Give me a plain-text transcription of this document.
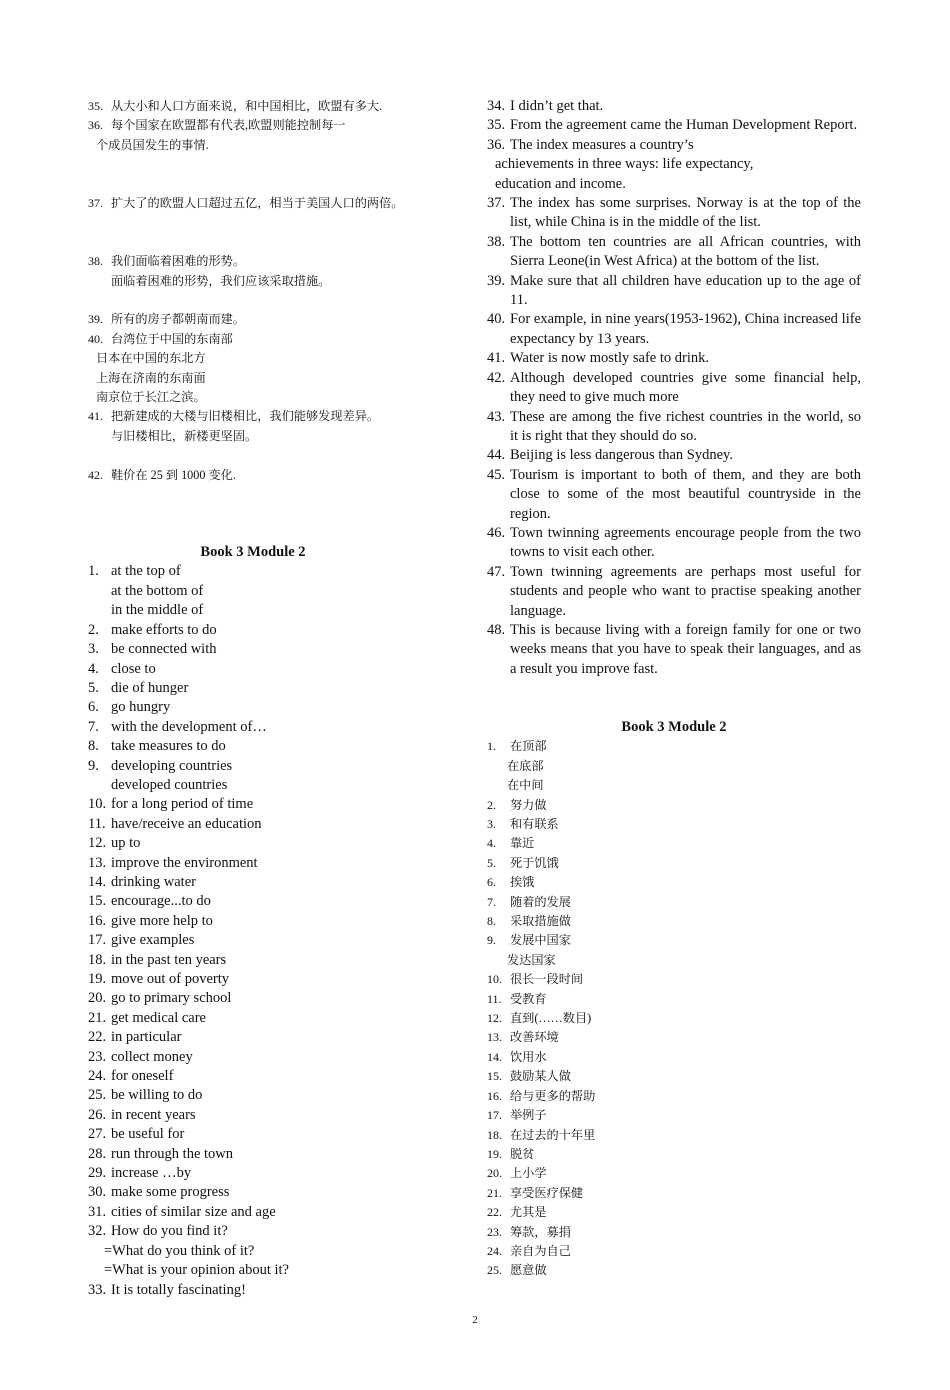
35. 从大小和人口方面来说，和中国相比，欧盟有多大.
36. 每个国家在欧盟都有代表,欧盟则能控制每一
个成员国发生的事情.
37. 扩大了的欧盟人口超过五亿，相当于美国人口的两倍。
38. 我们面临着困难的形势。
面临着困难的形势，我们应该采取措施。
39. 所有的房子都朝南而建。
40. 台湾位于中国的东南部
日本在中国的东北方
上海在济南的东南面
南京位于长江之滨。
41. 把新建成的大楼与旧楼相比，我们能够发现差异。
与旧楼相比，新楼更坚固。
42. 鞋价在 25 到 1000 变化.
Book 3 Module 2
1. at the top of
at the bottom of
in the middle of
2. make efforts to do
3. be connected with
4. close to
5. die of hunger
6. go hungry
7. with the development of…
8. take measures to do
9. developing countries
developed countries
10. for a long period of time
11. have/receive an education
12. up to
13. improve the environment
14. drinking water
15. encourage...to do
16. give more help to
17. give examples
18. in the past ten years
19. move out of poverty
20. go to primary school
21. get medical care
22. in particular
23. collect money
24. for oneself
25. be willing to do
26. in recent years
27. be useful for
28. run through the town
29. increase …by
30. make some progress
31. cities of similar size and age
32. How do you find it?
=What do you think of it?
=What is your opinion about it?
33. It is totally fascinating!
34. I didn’t get that.
35. From the agreement came the Human Development Report.
36. The index measures a country’s
achievements in three ways: life expectancy,
education and income.
37. The index has some surprises. Norway is at the top of the list, while China is in the middle of the list.
38. The bottom ten countries are all African countries, with Sierra Leone(in West Africa) at the bottom of the list.
39. Make sure that all children have education up to the age of 11.
40. For example, in nine years(1953-1962), China increased life expectancy by 13 years.
41. Water is now mostly safe to drink.
42. Although developed countries give some financial help, they need to give much more
43. These are among the five richest countries in the world, so it is right that they should do so.
44. Beijing is less dangerous than Sydney.
45. Tourism is important to both of them, and they are both close to some of the most beautiful countryside in the region.
46. Town twinning agreements encourage people from the two towns to visit each other.
47. Town twinning agreements are perhaps most useful for students and people who want to practise speaking another language.
48. This is because living with a foreign family for one or two weeks means that you have to speak their languages, and as a result you improve fast.
Book 3 Module 2
1.	在顶部
在底部
在中间
2.	努力做
3.	和有联系
4.	靠近
5.	死于饥饿
6.	挨饿
7.	随着的发展
8.	采取措施做
9.	发展中国家
发达国家
10. 很长一段时间
11. 受教育
12. 直到(……数目)
13. 改善环境
14. 饮用水
15. 鼓励某人做
16. 给与更多的帮助
17. 举例子
18. 在过去的十年里
19. 脱贫
20. 上小学
21. 享受医疗保健
22. 尤其是
23. 筹款，募捐
24. 亲自为自己
25. 愿意做
2
